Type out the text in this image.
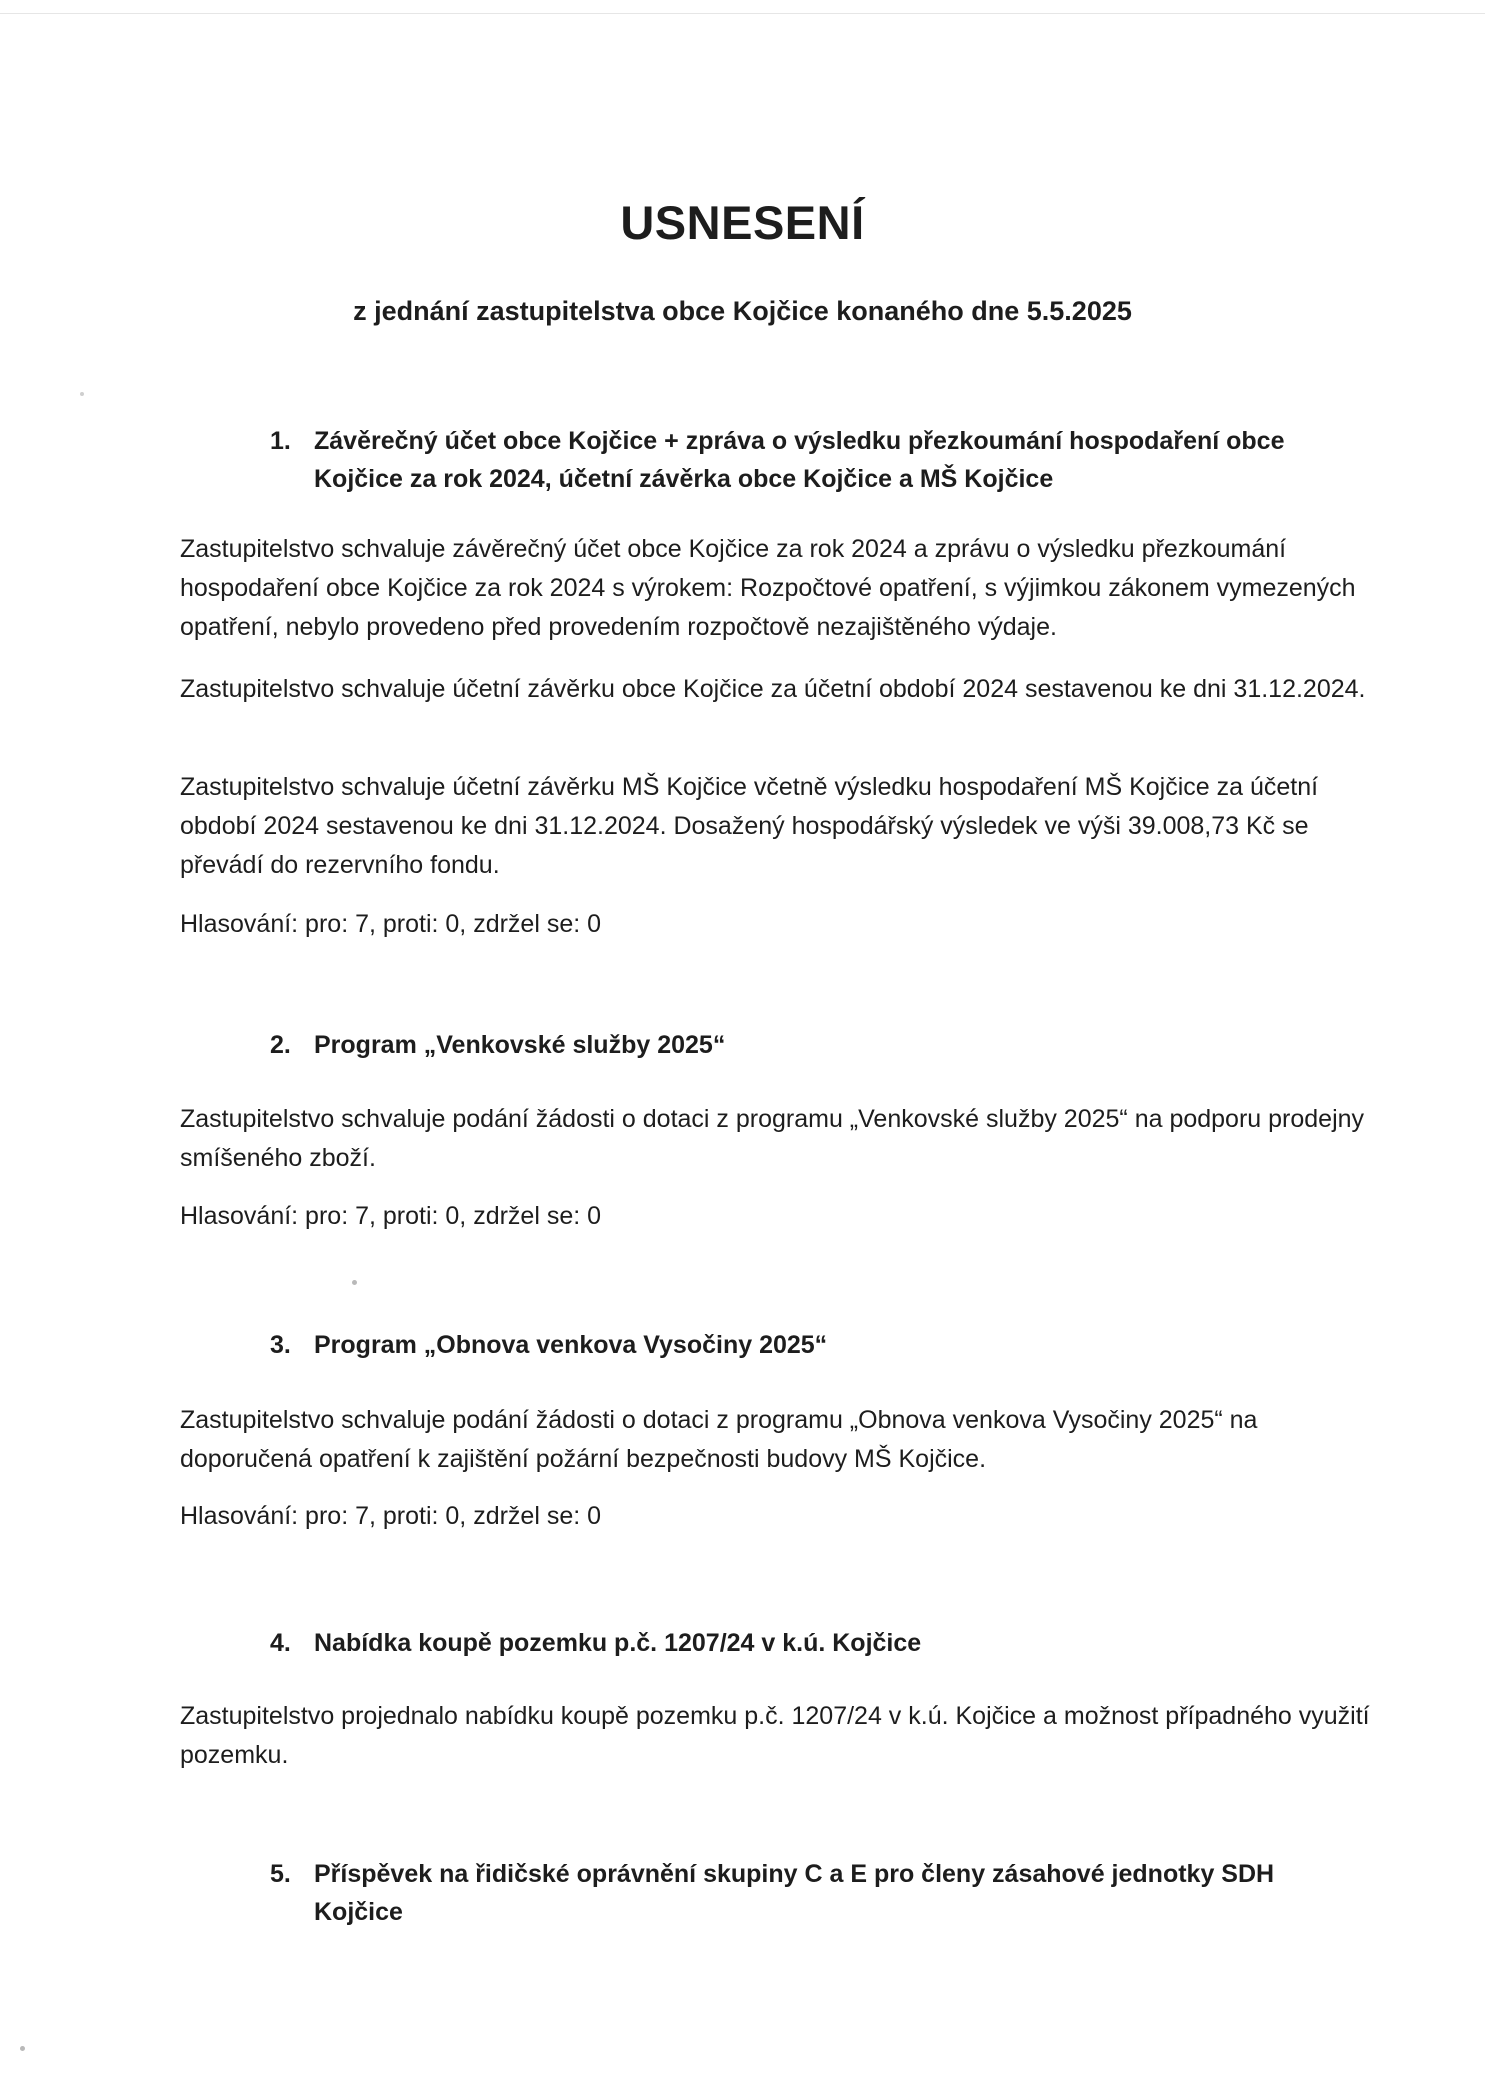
USNESENÍ
z jednání zastupitelstva obce Kojčice konaného dne 5.5.2025
1. Závěrečný účet obce Kojčice + zpráva o výsledku přezkoumání hospodaření obce Kojčice za rok 2024, účetní závěrka obce Kojčice a MŠ Kojčice

Zastupitelstvo schvaluje závěrečný účet obce Kojčice za rok 2024 a zprávu o výsledku přezkoumání hospodaření obce Kojčice za rok 2024 s výrokem: Rozpočtové opatření, s výjimkou zákonem vymezených opatření, nebylo provedeno před provedením rozpočtově nezajištěného výdaje.

Zastupitelstvo schvaluje účetní závěrku obce Kojčice za účetní období 2024 sestavenou ke dni 31.12.2024.

Zastupitelstvo schvaluje účetní závěrku MŠ Kojčice včetně výsledku hospodaření MŠ Kojčice za účetní období 2024 sestavenou ke dni 31.12.2024. Dosažený hospodářský výsledek ve výši 39.008,73 Kč se převádí do rezervního fondu.

Hlasování: pro: 7, proti: 0, zdržel se: 0

2. Program „Venkovské služby 2025“

Zastupitelstvo schvaluje podání žádosti o dotaci z programu „Venkovské služby 2025“ na podporu prodejny smíšeného zboží.

Hlasování: pro: 7, proti: 0, zdržel se: 0

3. Program „Obnova venkova Vysočiny 2025“

Zastupitelstvo schvaluje podání žádosti o dotaci z programu „Obnova venkova Vysočiny 2025“ na doporučená opatření k zajištění požární bezpečnosti budovy MŠ Kojčice.

Hlasování: pro: 7, proti: 0, zdržel se: 0

4. Nabídka koupě pozemku p.č. 1207/24 v k.ú. Kojčice

Zastupitelstvo projednalo nabídku koupě pozemku p.č. 1207/24 v k.ú. Kojčice a možnost případného využití pozemku.

5. Příspěvek na řidičské oprávnění skupiny C a E pro členy zásahové jednotky SDH Kojčice
